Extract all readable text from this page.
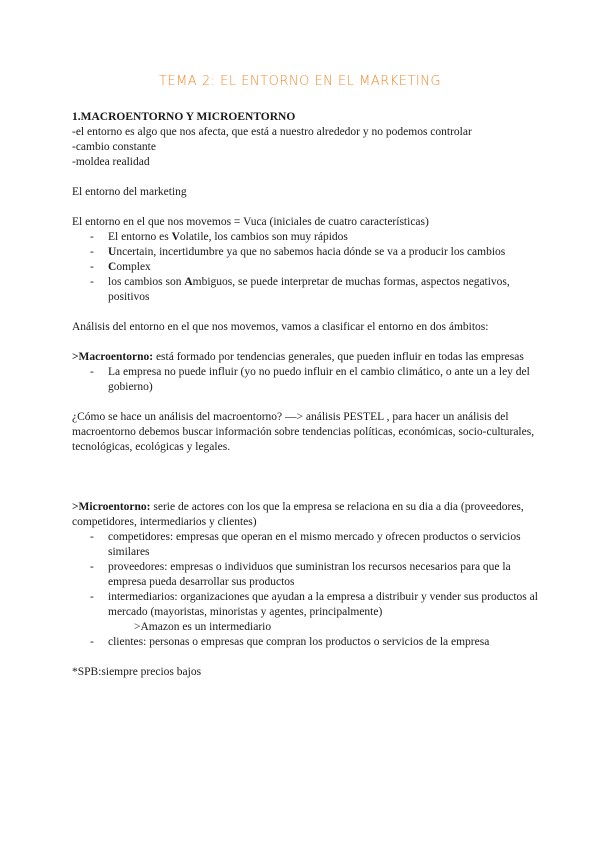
TEMA 2: EL ENTORNO EN EL MARKETING

1.MACROENTORNO Y MICROENTORNO

-el entorno es algo que nos afecta, que está a nuestro alrededor y no podemos controlar

-cambio constante

-moldea realidad

El entorno del marketing

El entorno en el que nos movemos = Vuca (iniciales de cuatro características)

- El entorno es Volatile, los cambios son muy rápidos
- Uncertain, incertidumbre ya que no sabemos hacia dónde se va a producir los cambios
- Complex
- los cambios son Ambiguos, se puede interpretar de muchas formas, aspectos negativos, positivos

Análisis del entorno en el que nos movemos, vamos a clasificar el entorno en dos ámbitos:

>Macroentorno: está formado por tendencias generales, que pueden influir en todas las empresas

- La empresa no puede influir (yo no puedo influir en el cambio climático, o ante un a ley del gobierno)

¿Cómo se hace un análisis del macroentorno? —> análisis PESTEL , para hacer un análisis del macroentorno debemos buscar información sobre tendencias políticas, económicas, socio-culturales, tecnológicas, ecológicas y legales.

>Microentorno: serie de actores con los que la empresa se relaciona en su dia a dia (proveedores, competidores, intermediarios y clientes)

- competidores: empresas que operan en el mismo mercado y ofrecen productos o servicios similares
- proveedores: empresas o individuos que suministran los recursos necesarios para que la empresa pueda desarrollar sus productos
- intermediarios: organizaciones que ayudan a la empresa a distribuir y vender sus productos al mercado (mayoristas, minoristas y agentes, principalmente)

>Amazon es un intermediario

- clientes: personas o empresas que compran los productos o servicios de la empresa

*SPB:siempre precios bajos
